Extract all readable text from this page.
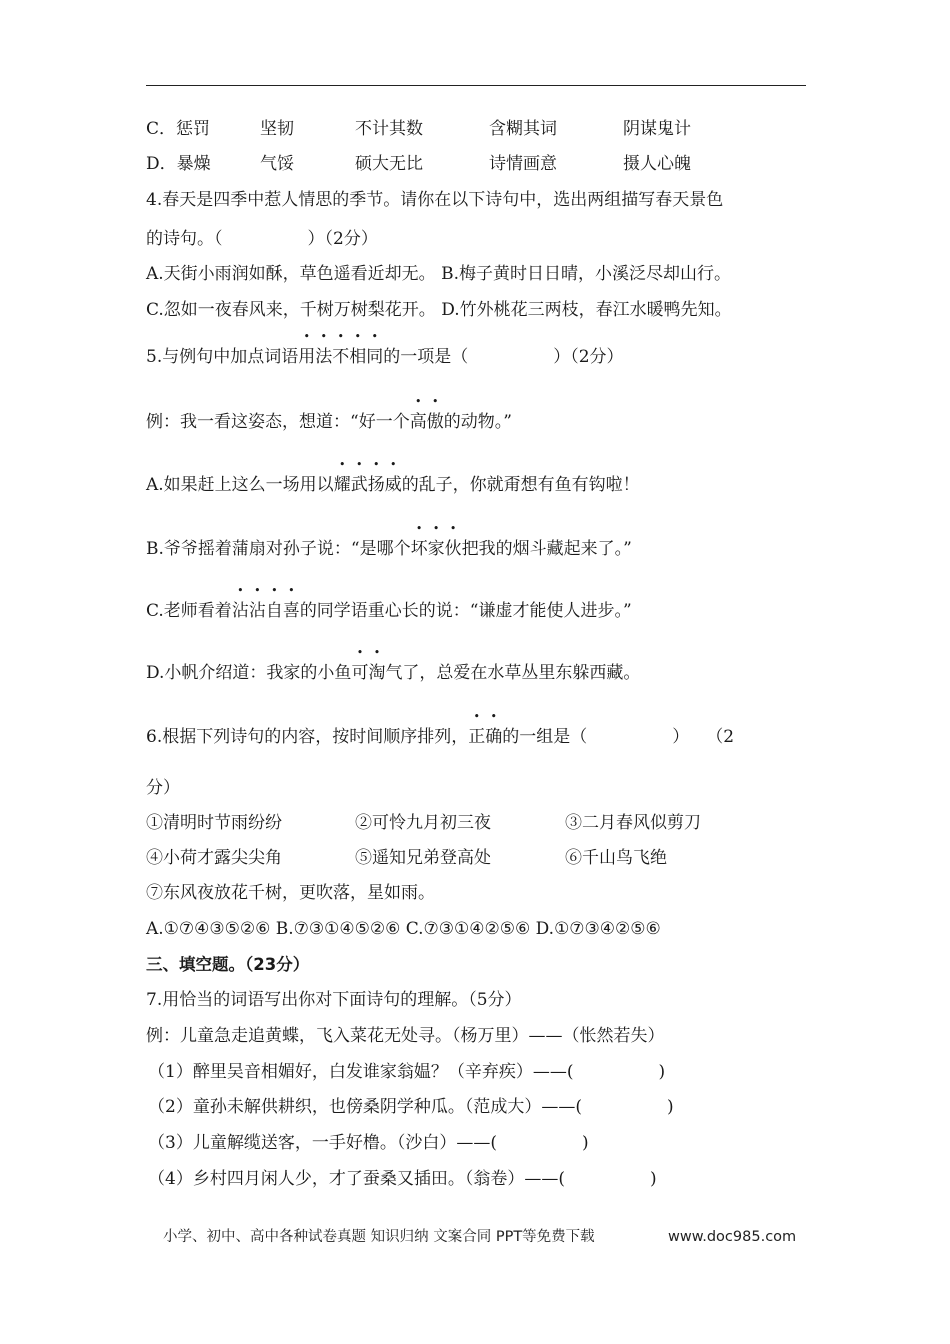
C．惩罚	坚韧	不计其数	含糊其词	阴谋鬼计
D．暴燥	气馁	硕大无比	诗情画意	摄人心魄
4.春天是四季中惹人情思的季节。请你在以下诗句中，选出两组描写春天景色
的诗句。（　　　　　）（2分）
A.天街小雨润如酥，草色遥看近却无。 B.梅子黄时日日晴，小溪泛尽却山行。
C.忽如一夜春风来，千树万树梨花开。 D.竹外桃花三两枝，春江水暖鸭先知。
5.与例句中加点词语用法不相同的一项是（　　　　　）（2分）
例：我一看这姿态，想道：“好一个高傲的动物。”
A.如果赶上这么一场用以耀武扬威的乱子，你就甭想有鱼有钩啦！
B.爷爷摇着蒲扇对孙子说：“是哪个坏家伙把我的烟斗藏起来了。”
C.老师看着沾沾自喜的同学语重心长的说：“谦虚才能使人进步。”
D.小帆介绍道：我家的小鱼可淘气了，总爱在水草丛里东躲西藏。
6.根据下列诗句的内容，按时间顺序排列，正确的一组是（　　　　　）　　（2
分）
①清明时节雨纷纷	②可怜九月初三夜	③二月春风似剪刀
④小荷才露尖尖角	⑤遥知兄弟登高处	⑥千山鸟飞绝
⑦东风夜放花千树，更吹落，星如雨。
A.①⑦④③⑤②⑥ B.⑦③①④⑤②⑥ C.⑦③①④②⑤⑥ D.①⑦③④②⑤⑥
三、填空题。（23分）
7.用恰当的词语写出你对下面诗句的理解。（5分）
例：儿童急走追黄蝶，飞入菜花无处寻。（杨万里）——（怅然若失）
（1）醉里吴音相媚好，白发谁家翁媪？（辛弃疾）——(　　　　　)
（2）童孙未解供耕织，也傍桑阴学种瓜。（范成大）——(　　　　　)
（3）儿童解缆送客，一手好橹。（沙白）——(　　　　　)
（4）乡村四月闲人少，才了蚕桑又插田。（翁卷）——(　　　　　)
小学、初中、高中各种试卷真题 知识归纳 文案合同 PPT等免费下载	www.doc985.com
